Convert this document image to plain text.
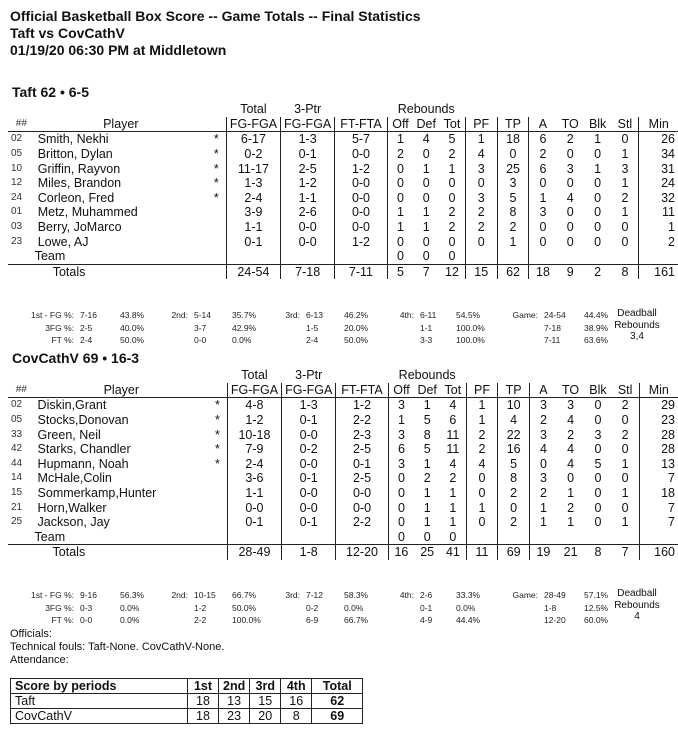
Official Basketball Box Score -- Game Totals -- Final Statistics
Taft vs CovCathV
01/19/20 06:30 PM at Middletown
Taft 62 • 6-5
			Total	3-Ptr		Rebounds									
##	Player		FG-FGA	FG-FGA	FT-FTA	Off	Def	Tot	PF	TP	A	TO	Blk	Stl	Min
02	Smith, Nekhi	*	6-17	1-3	5-7	1	4	5	1	18	6	2	1	0	26
05	Britton, Dylan	*	0-2	0-1	0-0	2	0	2	4	0	2	0	0	1	34
10	Griffin, Rayvon	*	11-17	2-5	1-2	0	1	1	3	25	6	3	1	3	31
12	Miles, Brandon	*	1-3	1-2	0-0	0	0	0	0	3	0	0	0	1	24
24	Corleon, Fred	*	2-4	1-1	0-0	0	0	0	3	5	1	4	0	2	32
01	Metz, Muhammed		3-9	2-6	0-0	1	1	2	2	8	3	0	0	1	11
03	Berry, JoMarco		1-1	0-0	0-0	1	1	2	2	2	0	0	0	0	1
23	Lowe, AJ		0-1	0-0	1-2	0	0	0	0	1	0	0	0	0	2
	Team					0	0	0							
	Totals		24-54	7-18	7-11	5	7	12	15	62	18	9	2	8	161
1st - FG %:	7-16	43.8%	2nd:	5-14	35.7%	3rd:	6-13	46.2%	4th:	6-11	54.5%	Game:	24-54	44.4%
3FG %:	2-5	40.0%		3-7	42.9%		1-5	20.0%		1-1	100.0%		7-18	38.9%
FT %:	2-4	50.0%		0-0	0.0%		2-4	50.0%		3-3	100.0%		7-11	63.6%
Deadball
Rebounds
3,4
CovCathV 69 • 16-3
			Total	3-Ptr		Rebounds									
##	Player		FG-FGA	FG-FGA	FT-FTA	Off	Def	Tot	PF	TP	A	TO	Blk	Stl	Min
02	Diskin,Grant	*	4-8	1-3	1-2	3	1	4	1	10	3	3	0	2	29
05	Stocks,Donovan	*	1-2	0-1	2-2	1	5	6	1	4	2	4	0	0	23
33	Green, Neil	*	10-18	0-0	2-3	3	8	11	2	22	3	2	3	2	28
42	Starks, Chandler	*	7-9	0-2	2-5	6	5	11	2	16	4	4	0	0	28
44	Hupmann, Noah	*	2-4	0-0	0-1	3	1	4	4	5	0	4	5	1	13
14	McHale,Colin		3-6	0-1	2-5	0	2	2	0	8	3	0	0	0	7
15	Sommerkamp,Hunter		1-1	0-0	0-0	0	1	1	0	2	2	1	0	1	18
21	Horn,Walker		0-0	0-0	0-0	0	1	1	1	0	1	2	0	0	7
25	Jackson, Jay		0-1	0-1	2-2	0	1	1	0	2	1	1	0	1	7
	Team					0	0	0							
	Totals		28-49	1-8	12-20	16	25	41	11	69	19	21	8	7	160
1st - FG %:	9-16	56.3%	2nd:	10-15	66.7%	3rd:	7-12	58.3%	4th:	2-6	33.3%	Game:	28-49	57.1%
3FG %:	0-3	0.0%		1-2	50.0%		0-2	0.0%		0-1	0.0%		1-8	12.5%
FT %:	0-0	0.0%		2-2	100.0%		6-9	66.7%		4-9	44.4%		12-20	60.0%
Deadball
Rebounds
4
Officials:
Technical fouls: Taft-None. CovCathV-None.
Attendance:
Score by periods	1st	2nd	3rd	4th	Total
Taft	18	13	15	16	62
CovCathV	18	23	20	8	69
